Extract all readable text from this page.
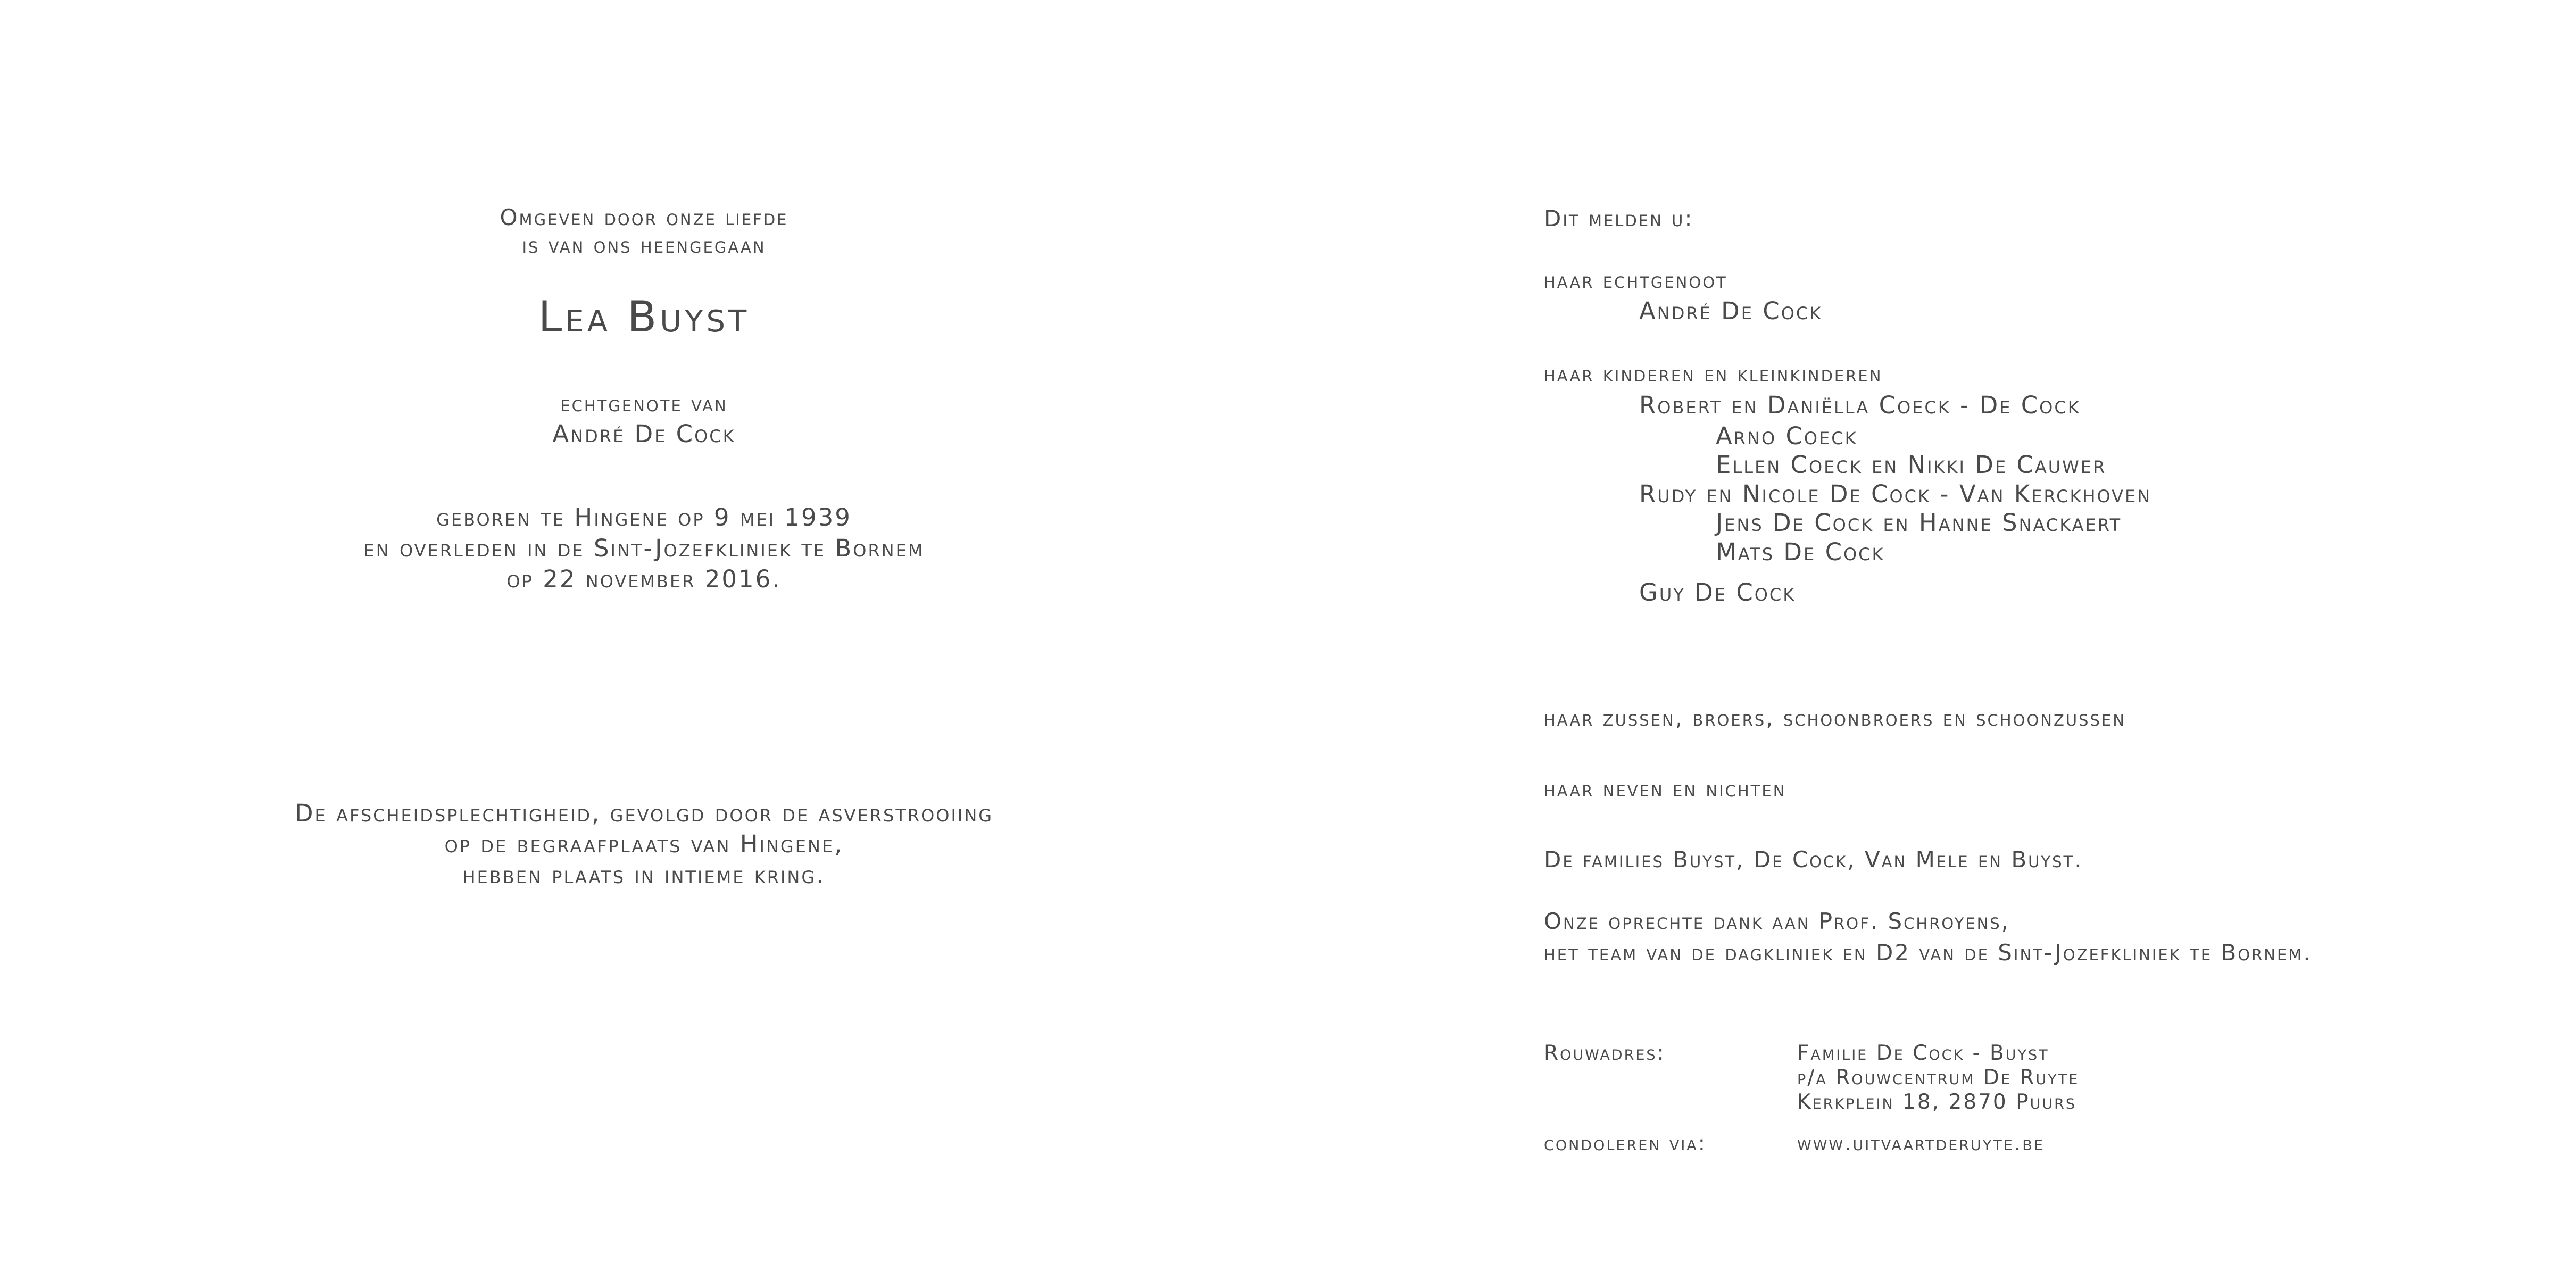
Omgeven door onze liefde
is van ons heengegaan
Lea Buyst
echtgenote van
André De Cock
geboren te Hingene op 9 mei 1939
en overleden in de Sint-Jozefkliniek te Bornem
op 22 november 2016.
De afscheidsplechtigheid, gevolgd door de asverstrooiing
op de begraafplaats van Hingene,
hebben plaats in intieme kring.
Dit melden u:
haar echtgenoot
André De Cock
haar kinderen en kleinkinderen
Robert en Daniëlla Coeck - De Cock
Arno Coeck
Ellen Coeck en Nikki De Cauwer
Rudy en Nicole De Cock - Van Kerckhoven
Jens De Cock en Hanne Snackaert
Mats De Cock
Guy De Cock
haar zussen, broers, schoonbroers en schoonzussen
haar neven en nichten
De families Buyst, De Cock, Van Mele en Buyst.
Onze oprechte dank aan Prof. Schroyens,
het team van de dagkliniek en D2 van de Sint-Jozefkliniek te Bornem.
Rouwadres:	Familie De Cock - Buyst
p/a Rouwcentrum De Ruyte
Kerkplein 18, 2870 Puurs
condoleren via:	www.uitvaartderuyte.be
